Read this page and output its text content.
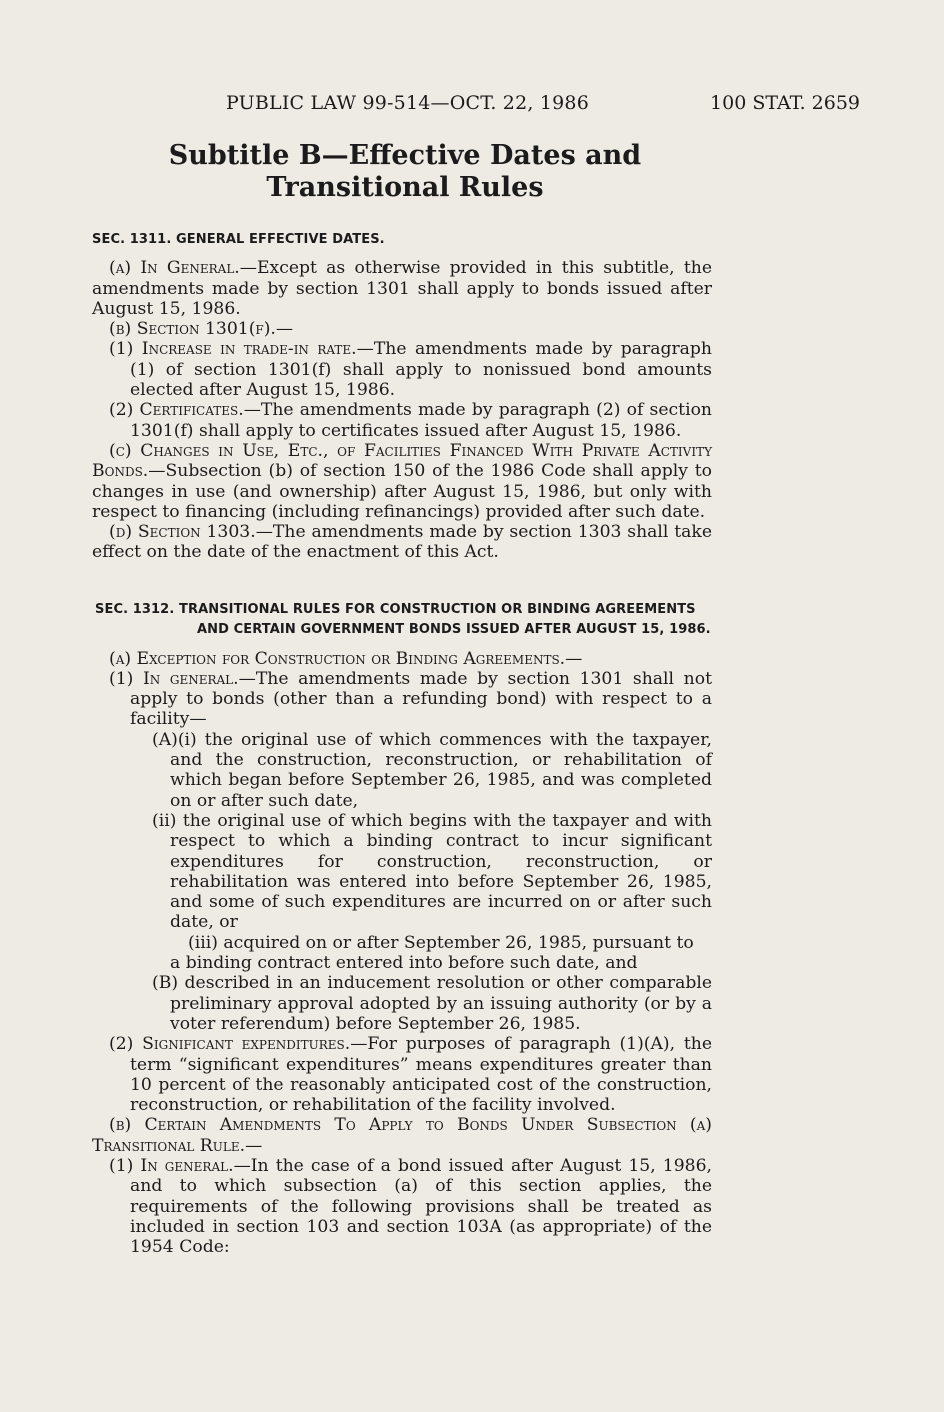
PUBLIC LAW 99-514—OCT. 22, 1986	100 STAT. 2659
Subtitle B—Effective Dates and Transitional Rules

SEC. 1311. GENERAL EFFECTIVE DATES.

(a) In General.—Except as otherwise provided in this subtitle, the amendments made by section 1301 shall apply to bonds issued after August 15, 1986.

(b) Section 1301(f).—

(1) Increase in trade-in rate.—The amendments made by paragraph (1) of section 1301(f) shall apply to nonissued bond amounts elected after August 15, 1986.

(2) Certificates.—The amendments made by paragraph (2) of section 1301(f) shall apply to certificates issued after August 15, 1986.

(c) Changes in Use, Etc., of Facilities Financed With Private Activity Bonds.—Subsection (b) of section 150 of the 1986 Code shall apply to changes in use (and ownership) after August 15, 1986, but only with respect to financing (including refinancings) provided after such date.

(d) Section 1303.—The amendments made by section 1303 shall take effect on the date of the enactment of this Act.

SEC. 1312. TRANSITIONAL RULES FOR CONSTRUCTION OR BINDING AGREEMENTS AND CERTAIN GOVERNMENT BONDS ISSUED AFTER AUGUST 15, 1986.

(a) Exception for Construction or Binding Agreements.—

(1) In general.—The amendments made by section 1301 shall not apply to bonds (other than a refunding bond) with respect to a facility—

(A)(i) the original use of which commences with the taxpayer, and the construction, reconstruction, or rehabilitation of which began before September 26, 1985, and was completed on or after such date,

(ii) the original use of which begins with the taxpayer and with respect to which a binding contract to incur significant expenditures for construction, reconstruction, or rehabilitation was entered into before September 26, 1985, and some of such expenditures are incurred on or after such date, or

(iii) acquired on or after September 26, 1985, pursuant to

a binding contract entered into before such date, and

(B) described in an inducement resolution or other comparable preliminary approval adopted by an issuing authority (or by a voter referendum) before September 26, 1985.

(2) Significant expenditures.—For purposes of paragraph (1)(A), the term “significant expenditures” means expenditures greater than 10 percent of the reasonably anticipated cost of the construction, reconstruction, or rehabilitation of the facility involved.

(b) Certain Amendments To Apply to Bonds Under Subsection (a) Transitional Rule.—

(1) In general.—In the case of a bond issued after August 15, 1986, and to which subsection (a) of this section applies, the requirements of the following provisions shall be treated as included in section 103 and section 103A (as appropriate) of the 1954 Code:
